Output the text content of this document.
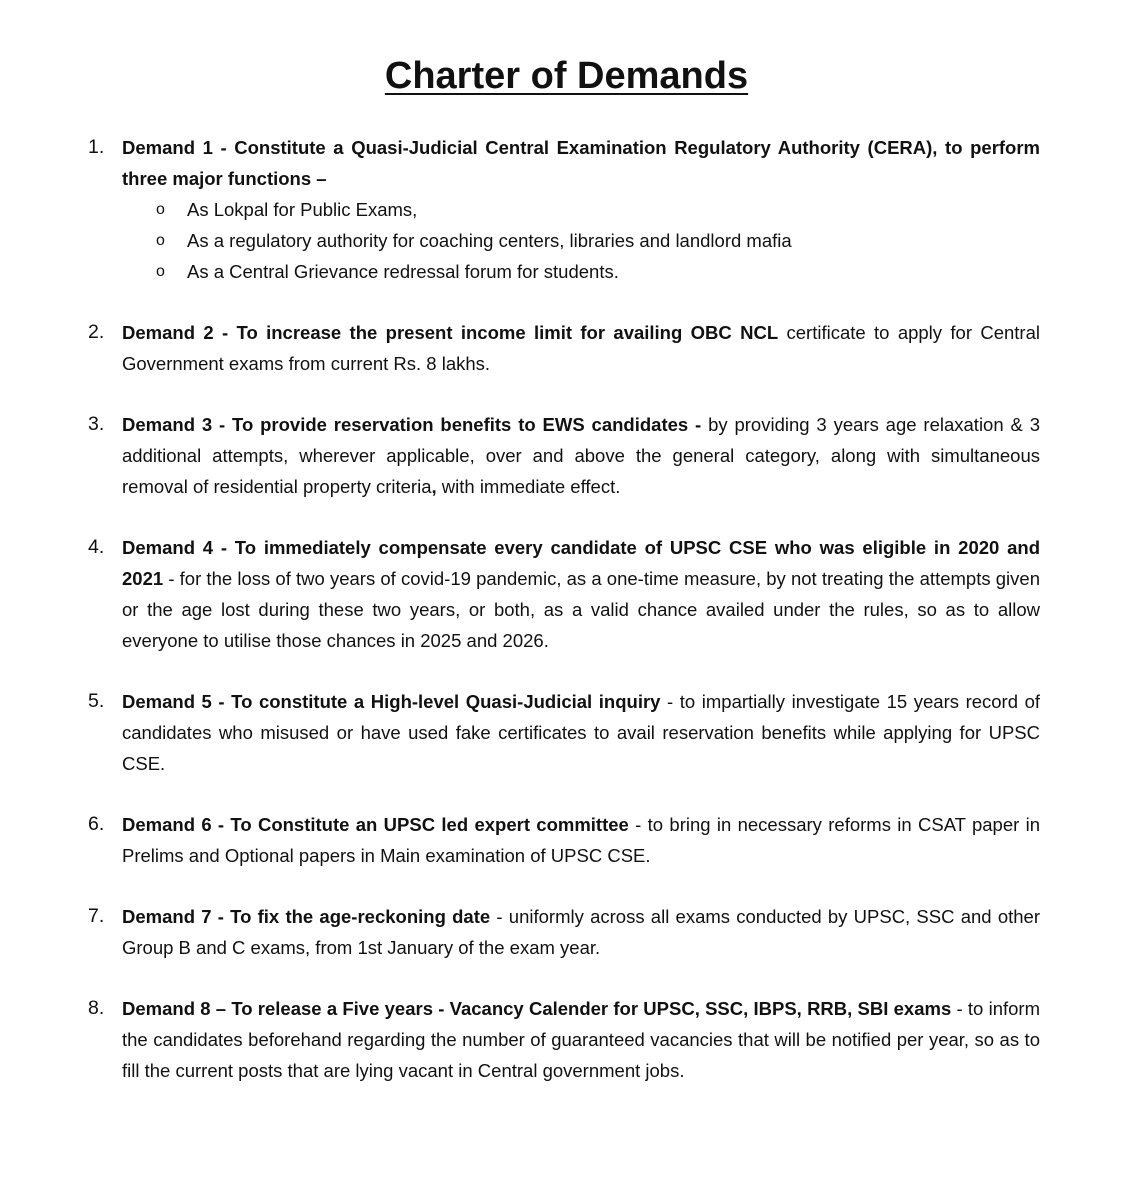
Charter of Demands
1. Demand 1 - Constitute a Quasi-Judicial Central Examination Regulatory Authority (CERA), to perform three major functions –
o As Lokpal for Public Exams,
o As a regulatory authority for coaching centers, libraries and landlord mafia
o As a Central Grievance redressal forum for students.
2. Demand 2 - To increase the present income limit for availing OBC NCL certificate to apply for Central Government exams from current Rs. 8 lakhs.
3. Demand 3 - To provide reservation benefits to EWS candidates - by providing 3 years age relaxation & 3 additional attempts, wherever applicable, over and above the general category, along with simultaneous removal of residential property criteria, with immediate effect.
4. Demand 4 - To immediately compensate every candidate of UPSC CSE who was eligible in 2020 and 2021 - for the loss of two years of covid-19 pandemic, as a one-time measure, by not treating the attempts given or the age lost during these two years, or both, as a valid chance availed under the rules, so as to allow everyone to utilise those chances in 2025 and 2026.
5. Demand 5 - To constitute a High-level Quasi-Judicial inquiry - to impartially investigate 15 years record of candidates who misused or have used fake certificates to avail reservation benefits while applying for UPSC CSE.
6. Demand 6 - To Constitute an UPSC led expert committee - to bring in necessary reforms in CSAT paper in Prelims and Optional papers in Main examination of UPSC CSE.
7. Demand 7 - To fix the age-reckoning date - uniformly across all exams conducted by UPSC, SSC and other Group B and C exams, from 1st January of the exam year.
8. Demand 8 – To release a Five years - Vacancy Calender for UPSC, SSC, IBPS, RRB, SBI exams - to inform the candidates beforehand regarding the number of guaranteed vacancies that will be notified per year, so as to fill the current posts that are lying vacant in Central government jobs.
